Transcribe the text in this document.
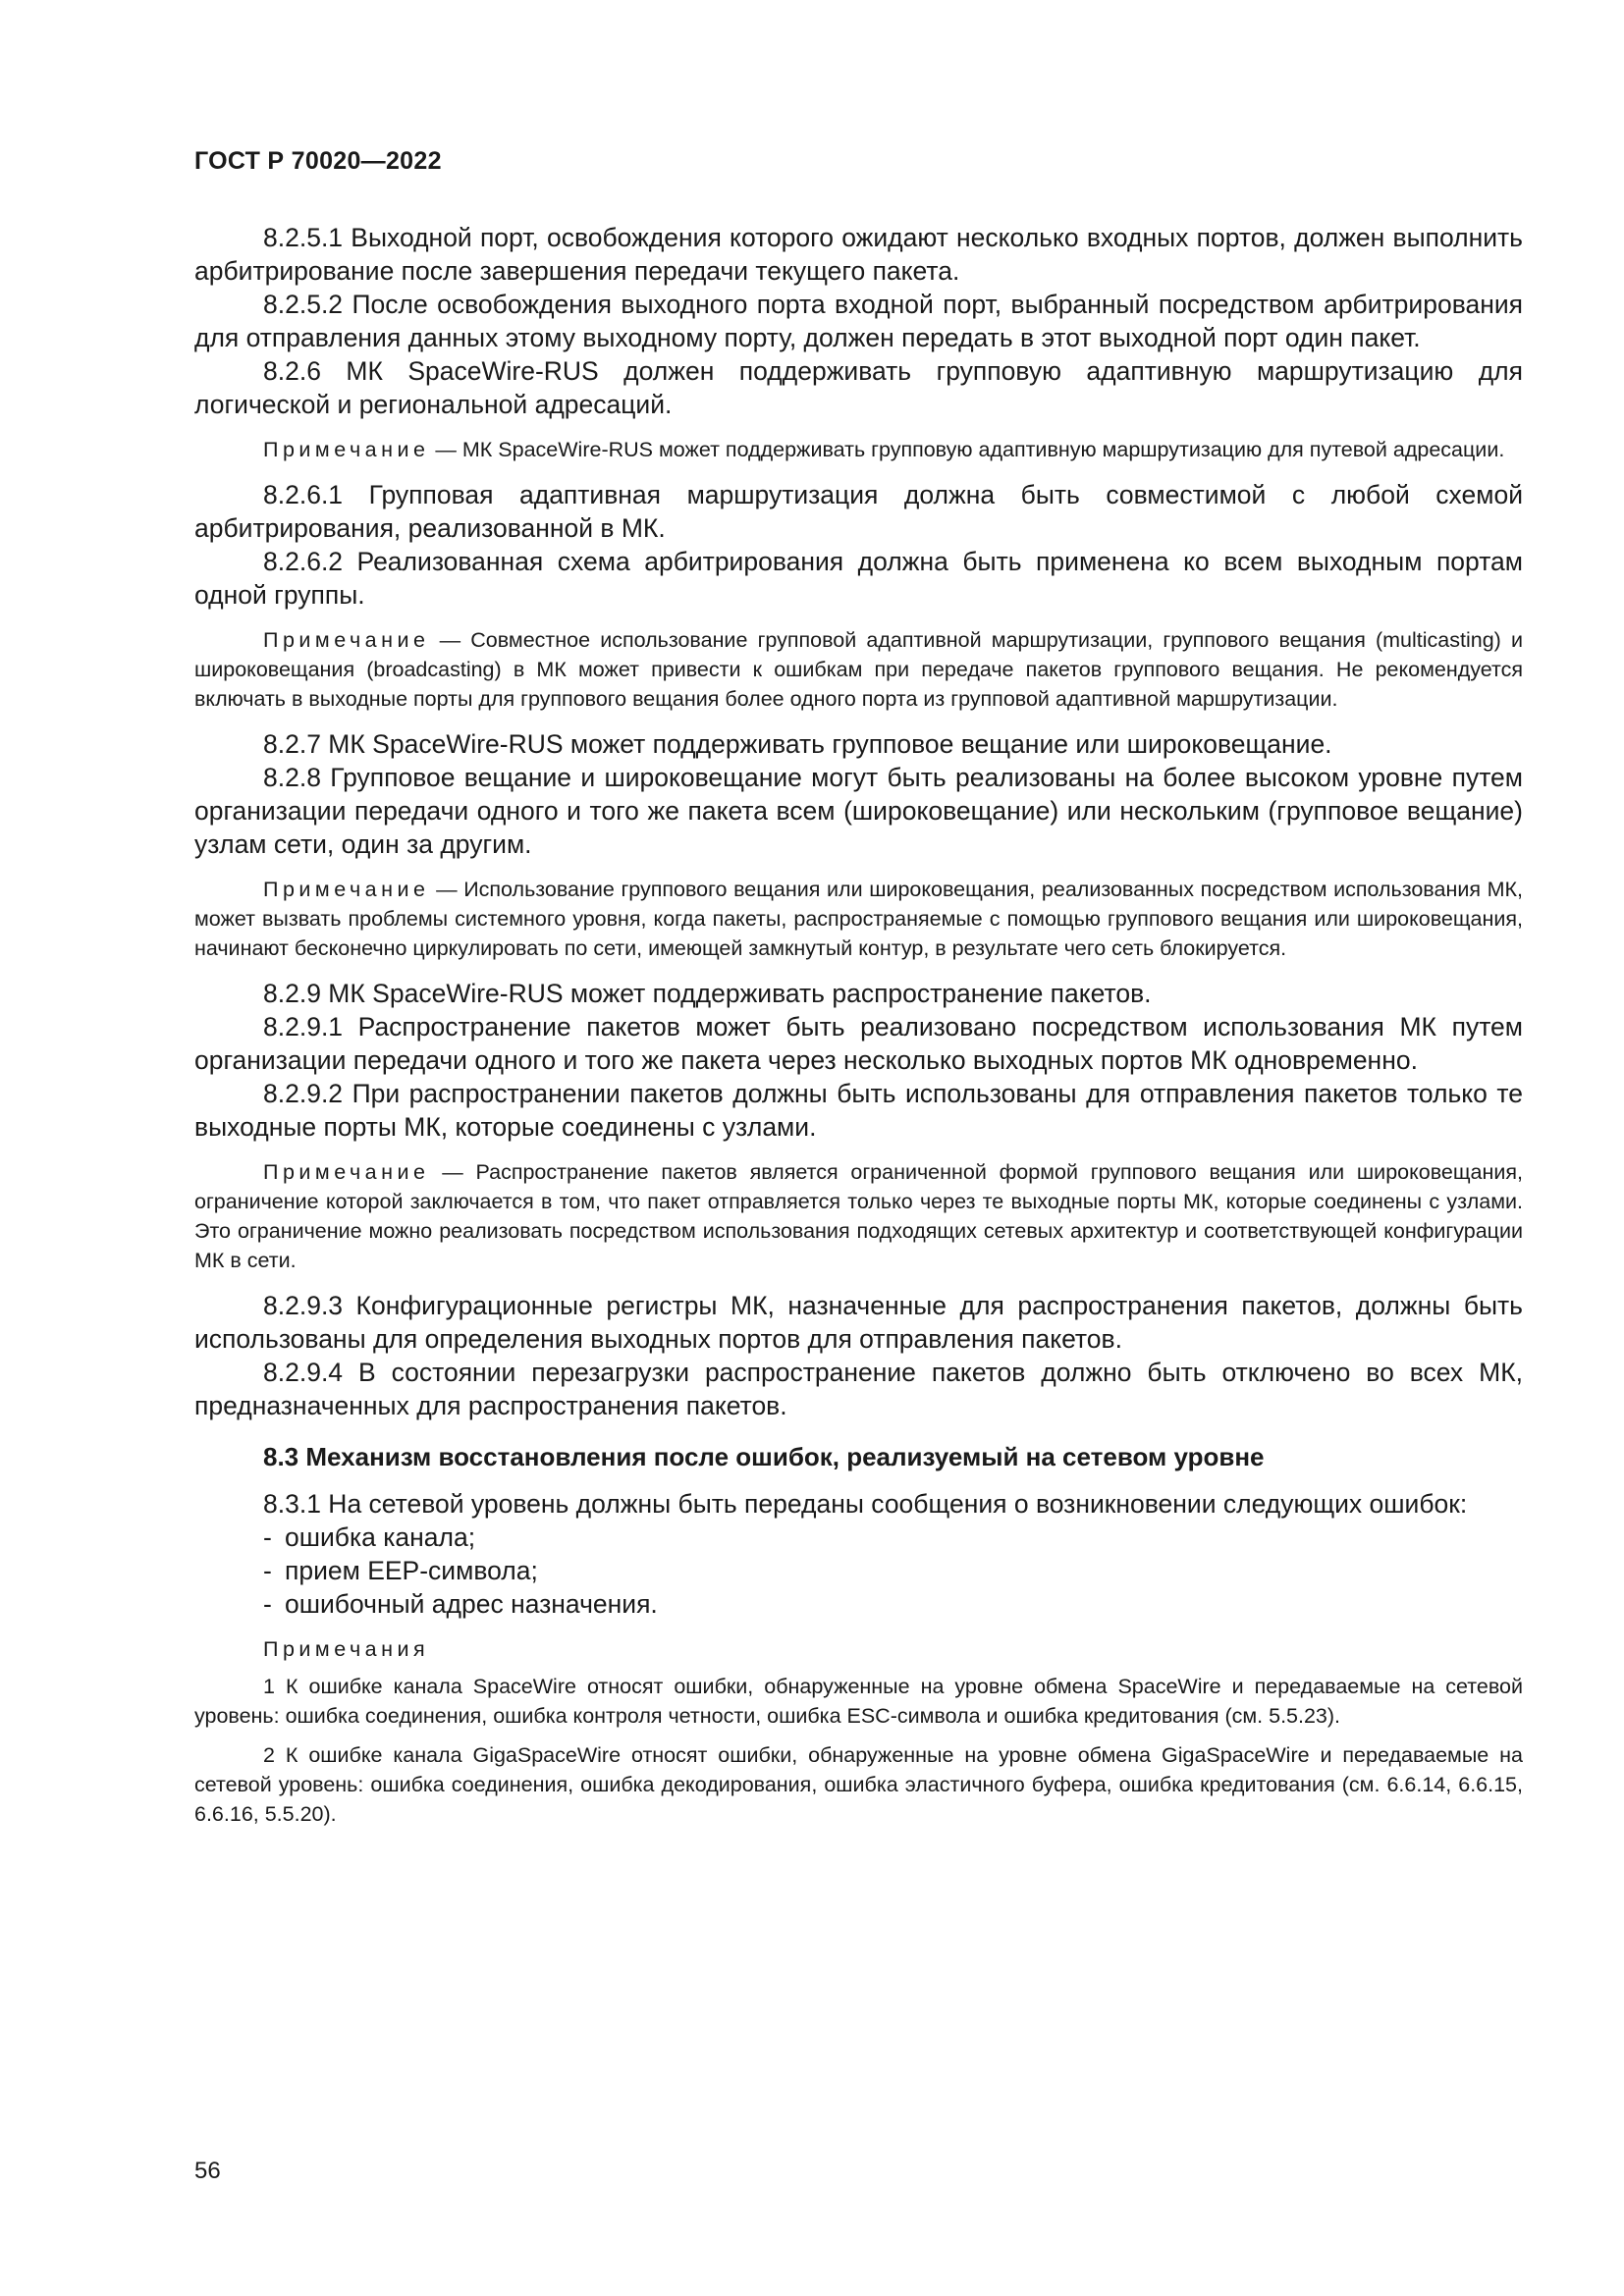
ГОСТ Р 70020—2022

8.2.5.1 Выходной порт, освобождения которого ожидают несколько входных портов, должен выполнить арбитрирование после завершения передачи текущего пакета.

8.2.5.2 После освобождения выходного порта входной порт, выбранный посредством арбитрирования для отправления данных этому выходному порту, должен передать в этот выходной порт один пакет.

8.2.6 МК SpaceWire-RUS должен поддерживать групповую адаптивную маршрутизацию для логической и региональной адресаций.

Примечание — МК SpaceWire-RUS может поддерживать групповую адаптивную маршрутизацию для путевой адресации.

8.2.6.1 Групповая адаптивная маршрутизация должна быть совместимой с любой схемой арбитрирования, реализованной в МК.

8.2.6.2 Реализованная схема арбитрирования должна быть применена ко всем выходным портам одной группы.

Примечание — Совместное использование групповой адаптивной маршрутизации, группового вещания (multicasting) и широковещания (broadcasting) в МК может привести к ошибкам при передаче пакетов группового вещания. Не рекомендуется включать в выходные порты для группового вещания более одного порта из групповой адаптивной маршрутизации.

8.2.7 МК SpaceWire-RUS может поддерживать групповое вещание или широковещание.

8.2.8 Групповое вещание и широковещание могут быть реализованы на более высоком уровне путем организации передачи одного и того же пакета всем (широковещание) или нескольким (групповое вещание) узлам сети, один за другим.

Примечание — Использование группового вещания или широковещания, реализованных посредством использования МК, может вызвать проблемы системного уровня, когда пакеты, распространяемые с помощью группового вещания или широковещания, начинают бесконечно циркулировать по сети, имеющей замкнутый контур, в результате чего сеть блокируется.

8.2.9 МК SpaceWire-RUS может поддерживать распространение пакетов.

8.2.9.1 Распространение пакетов может быть реализовано посредством использования МК путем организации передачи одного и того же пакета через несколько выходных портов МК одновременно.

8.2.9.2 При распространении пакетов должны быть использованы для отправления пакетов только те выходные порты МК, которые соединены с узлами.

Примечание — Распространение пакетов является ограниченной формой группового вещания или широковещания, ограничение которой заключается в том, что пакет отправляется только через те выходные порты МК, которые соединены с узлами. Это ограничение можно реализовать посредством использования подходящих сетевых архитектур и соответствующей конфигурации МК в сети.

8.2.9.3 Конфигурационные регистры МК, назначенные для распространения пакетов, должны быть использованы для определения выходных портов для отправления пакетов.

8.2.9.4 В состоянии перезагрузки распространение пакетов должно быть отключено во всех МК, предназначенных для распространения пакетов.

8.3 Механизм восстановления после ошибок, реализуемый на сетевом уровне

8.3.1 На сетевой уровень должны быть переданы сообщения о возникновении следующих ошибок:

- ошибка канала;
- прием EEP-символа;
- ошибочный адрес назначения.
Примечания

1 К ошибке канала SpaceWire относят ошибки, обнаруженные на уровне обмена SpaceWire и передаваемые на сетевой уровень: ошибка соединения, ошибка контроля четности, ошибка ESC-символа и ошибка кредитования (см. 5.5.23).

2 К ошибке канала GigaSpaceWire относят ошибки, обнаруженные на уровне обмена GigaSpaceWire и передаваемые на сетевой уровень: ошибка соединения, ошибка декодирования, ошибка эластичного буфера, ошибка кредитования (см. 6.6.14, 6.6.15, 6.6.16, 5.5.20).

56
